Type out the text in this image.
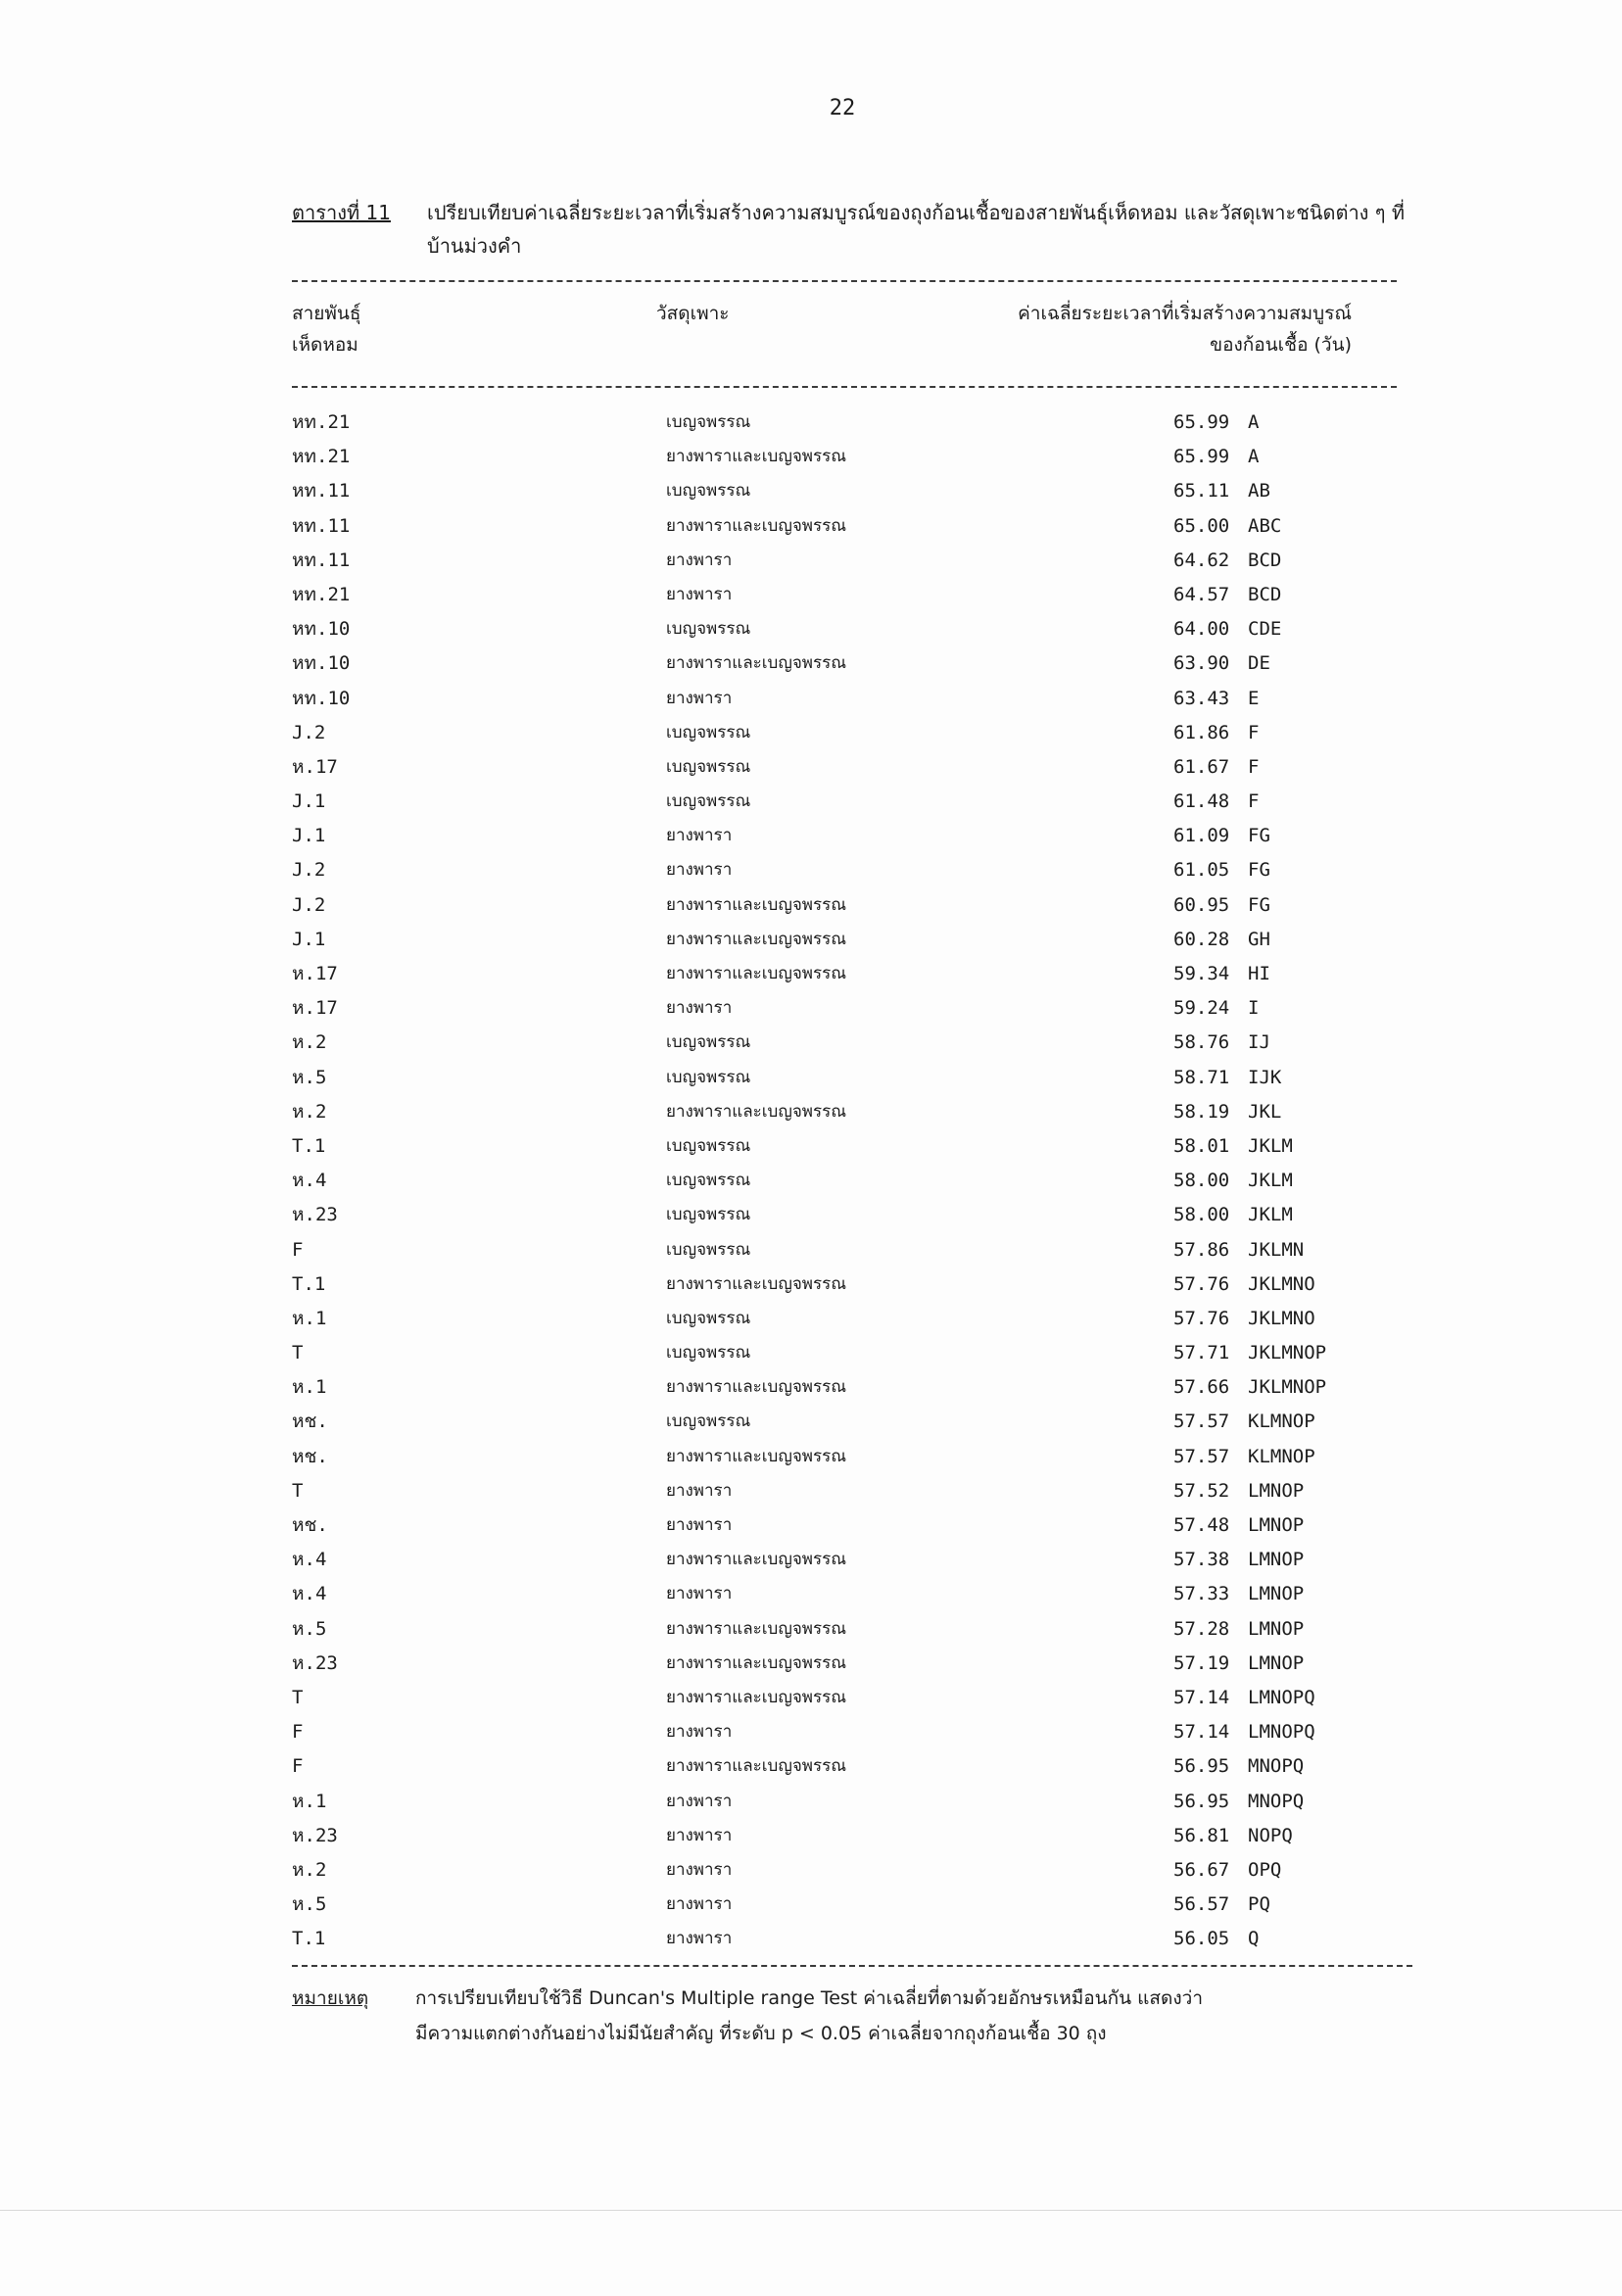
22
ตารางที่ 11 เปรียบเทียบค่าเฉลี่ยระยะเวลาที่เริ่มสร้างความสมบูรณ์ของถุงก้อนเชื้อของสายพันธุ์เห็ดหอม และวัสดุเพาะชนิดต่าง ๆ ที่บ้านม่วงคำ
สายพันธุ์
เห็ดหอม
วัสดุเพาะ	ค่าเฉลี่ยระยะเวลาที่เริ่มสร้างความสมบูรณ์
ของก้อนเชื้อ (วัน)
หท.21	เบญจพรรณ	65.99 A
หท.21	ยางพาราและเบญจพรรณ	65.99 A
หท.11	เบญจพรรณ	65.11 AB
หท.11	ยางพาราและเบญจพรรณ	65.00 ABC
หท.11	ยางพารา	64.62 BCD
หท.21	ยางพารา	64.57 BCD
หท.10	เบญจพรรณ	64.00 CDE
หท.10	ยางพาราและเบญจพรรณ	63.90 DE
หท.10	ยางพารา	63.43 E
J.2	เบญจพรรณ	61.86 F
ห.17	เบญจพรรณ	61.67 F
J.1	เบญจพรรณ	61.48 F
J.1	ยางพารา	61.09 FG
J.2	ยางพารา	61.05 FG
J.2	ยางพาราและเบญจพรรณ	60.95 FG
J.1	ยางพาราและเบญจพรรณ	60.28 GH
ห.17	ยางพาราและเบญจพรรณ	59.34 HI
ห.17	ยางพารา	59.24 I
ห.2	เบญจพรรณ	58.76 IJ
ห.5	เบญจพรรณ	58.71 IJK
ห.2	ยางพาราและเบญจพรรณ	58.19 JKL
T.1	เบญจพรรณ	58.01 JKLM
ห.4	เบญจพรรณ	58.00 JKLM
ห.23	เบญจพรรณ	58.00 JKLM
F	เบญจพรรณ	57.86 JKLMN
T.1	ยางพาราและเบญจพรรณ	57.76 JKLMNO
ห.1	เบญจพรรณ	57.76 JKLMNO
T	เบญจพรรณ	57.71 JKLMNOP
ห.1	ยางพาราและเบญจพรรณ	57.66 JKLMNOP
หช.	เบญจพรรณ	57.57 KLMNOP
หช.	ยางพาราและเบญจพรรณ	57.57 KLMNOP
T	ยางพารา	57.52 LMNOP
หช.	ยางพารา	57.48 LMNOP
ห.4	ยางพาราและเบญจพรรณ	57.38 LMNOP
ห.4	ยางพารา	57.33 LMNOP
ห.5	ยางพาราและเบญจพรรณ	57.28 LMNOP
ห.23	ยางพาราและเบญจพรรณ	57.19 LMNOP
T	ยางพาราและเบญจพรรณ	57.14 LMNOPQ
F	ยางพารา	57.14 LMNOPQ
F	ยางพาราและเบญจพรรณ	56.95 MNOPQ
ห.1	ยางพารา	56.95 MNOPQ
ห.23	ยางพารา	56.81 NOPQ
ห.2	ยางพารา	56.67 OPQ
ห.5	ยางพารา	56.57 PQ
T.1	ยางพารา	56.05 Q
หมายเหตุ	การเปรียบเทียบใช้วิธี Duncan's Multiple range Test ค่าเฉลี่ยที่ตามด้วยอักษรเหมือนกัน แสดงว่า
มีความแตกต่างกันอย่างไม่มีนัยสำคัญ ที่ระดับ p < 0.05 ค่าเฉลี่ยจากถุงก้อนเชื้อ 30 ถุง
